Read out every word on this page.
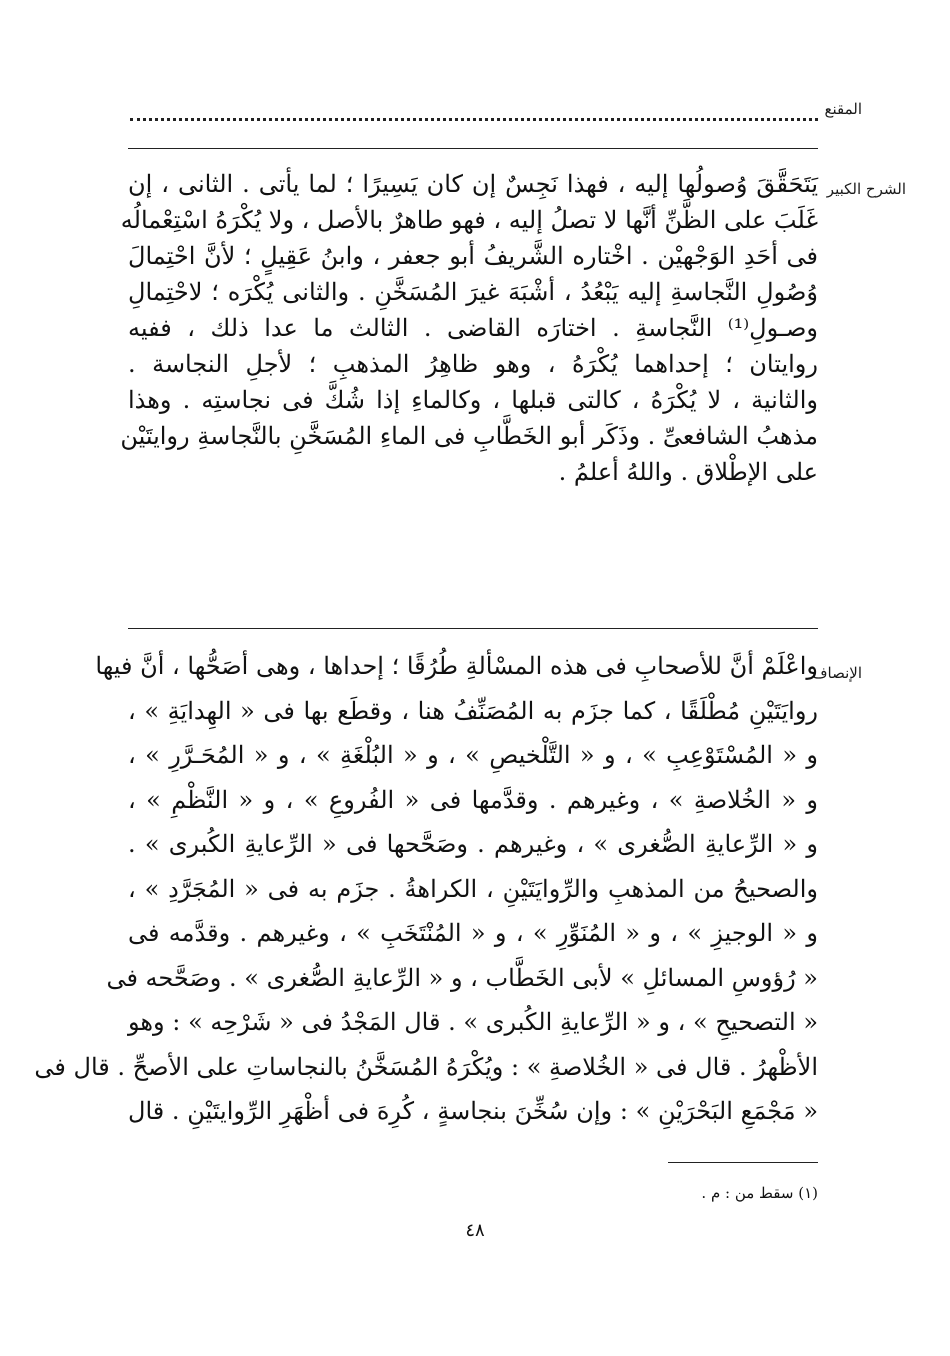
المقنع
الشرح الكبير
يَتَحَقَّقَ وُصولُها إليه ، فهذا نَجِسٌ إن كان يَسِيرًا ؛ لما يأتى . الثانى ، إن
غَلَبَ على الظَّنِّ أنَّها لا تصلُ إليه ، فهو طاهرٌ بالأصل ، ولا يُكْرَهُ اسْتِعْمالُه
فى أحَدِ الوَجْهيْن . اخْتاره الشَّريفُ أبو جعفر ، وابنُ عَقِيلٍ ؛ لأنَّ احْتِمالَ
وُصُولِ النَّجاسةِ إليه يَبْعُدُ ، أشْبَهَ غيرَ المُسَخَّنِ . والثانى يُكْرَه ؛ لاحْتِمالِ
وصـولِ⁽¹⁾ النَّجاسةِ . اختارَه القاضى . الثالث ما عدا ذلك ، ففيه
روايتان ؛ إحداهما يُكْرَهُ ، وهو ظاهِرُ المذهبِ ؛ لأجلِ النجاسة .
والثانية ، لا يُكْرَهُ ، كالتى قبلها ، وكالماءِ إذا شُكَّ فى نجاستِه . وهذا
مذهبُ الشافعىِّ . وذَكَر أبو الخَطَّابِ فى الماءِ المُسَخَّنِ بالنَّجاسةِ روايتَيْن
على الإطْلاق . واللهُ أعلمُ .
الإنصاف
واعْلَمْ أنَّ للأصحابِ فى هذه المسْألةِ طُرُقًا ؛ إحداها ، وهى أصَحُّها ، أنَّ فيها
روايَتَيْنِ مُطْلَقًا ، كما جزَم به المُصَنِّفُ هنا ، وقطَع بها فى « الهِدايَةِ » ،
و « المُسْتَوْعِبِ » ، و « التَّلْخيصِ » ، و « البُلْغَةِ » ، و « المُحَـرَّرِ » ،
و « الخُلاصةِ » ، وغيرهم . وقدَّمها فى « الفُروعِ » ، و « النَّظْمِ » ،
و « الرِّعايةِ الصُّغرى » ، وغيرهم . وصَحَّحها فى « الرِّعايةِ الكُبرى » .
والصحيحُ من المذهبِ والرِّوايَتَيْنِ ، الكراهةُ . جزَم به فى « المُجَرَّدِ » ،
و « الوجيزِ » ، و « المُنَوِّرِ » ، و « المُنْتَخَبِ » ، وغيرهم . وقدَّمه فى
« رُؤوسِ المسائلِ » لأبى الخَطَّاب ، و « الرِّعايةِ الصُّغرى » . وصَحَّحه فى
« التصحيحِ » ، و « الرِّعايةِ الكُبرى » . قال المَجْدُ فى « شَرْحِه » : وهو
الأظْهرُ . قال فى « الخُلاصةِ » : ويُكْرَهُ المُسَخَّنُ بالنجاساتِ على الأصحِّ . قال فى
« مَجْمَعِ البَحْرَيْنِ » : وإن سُخِّنَ بنجاسةٍ ، كُرِهَ فى أظْهَرِ الرِّوايتَيْنِ . قال
(١) سقط من : م .
٤٨
